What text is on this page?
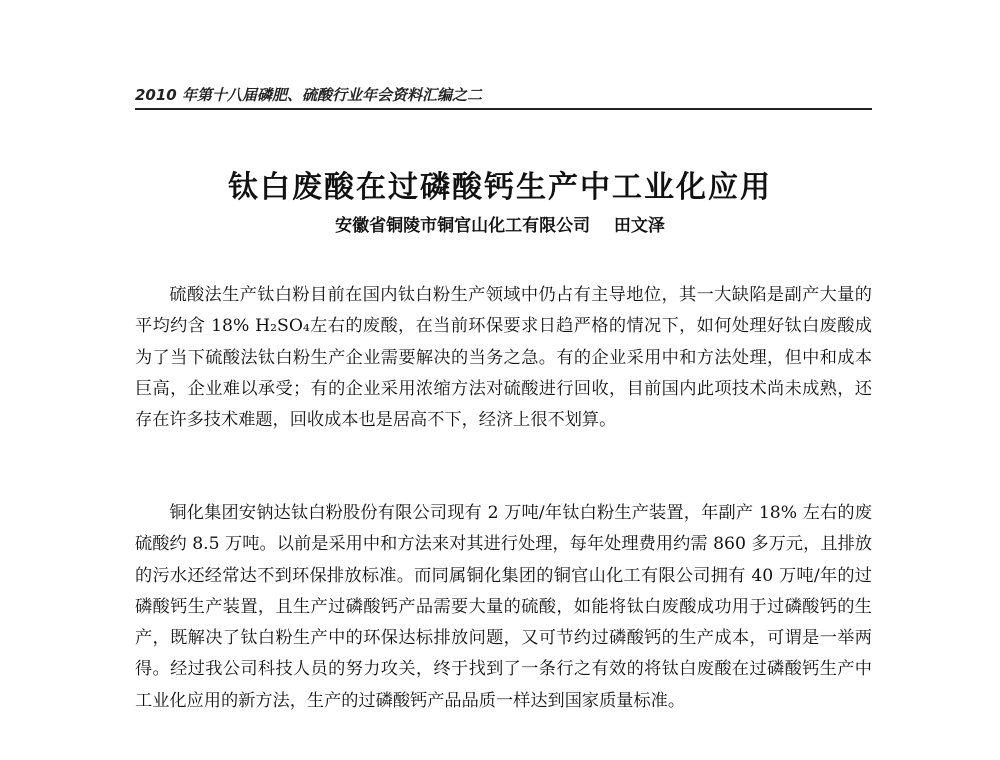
2010 年第十八届磷肥、硫酸行业年会资料汇编之二
钛白废酸在过磷酸钙生产中工业化应用
安徽省铜陵市铜官山化工有限公司 田文泽

硫酸法生产钛白粉目前在国内钛白粉生产领域中仍占有主导地位，其一大缺陷是副产大量的平均约含 18% H₂SO₄左右的废酸，在当前环保要求日趋严格的情况下，如何处理好钛白废酸成为了当下硫酸法钛白粉生产企业需要解决的当务之急。有的企业采用中和方法处理，但中和成本巨高，企业难以承受；有的企业采用浓缩方法对硫酸进行回收，目前国内此项技术尚未成熟，还存在许多技术难题，回收成本也是居高不下，经济上很不划算。

铜化集团安钠达钛白粉股份有限公司现有 2 万吨/年钛白粉生产装置，年副产 18% 左右的废硫酸约 8.5 万吨。以前是采用中和方法来对其进行处理，每年处理费用约需 860 多万元，且排放的污水还经常达不到环保排放标准。而同属铜化集团的铜官山化工有限公司拥有 40 万吨/年的过磷酸钙生产装置，且生产过磷酸钙产品需要大量的硫酸，如能将钛白废酸成功用于过磷酸钙的生产，既解决了钛白粉生产中的环保达标排放问题，又可节约过磷酸钙的生产成本，可谓是一举两得。经过我公司科技人员的努力攻关，终于找到了一条行之有效的将钛白废酸在过磷酸钙生产中工业化应用的新方法，生产的过磷酸钙产品品质一样达到国家质量标准。
